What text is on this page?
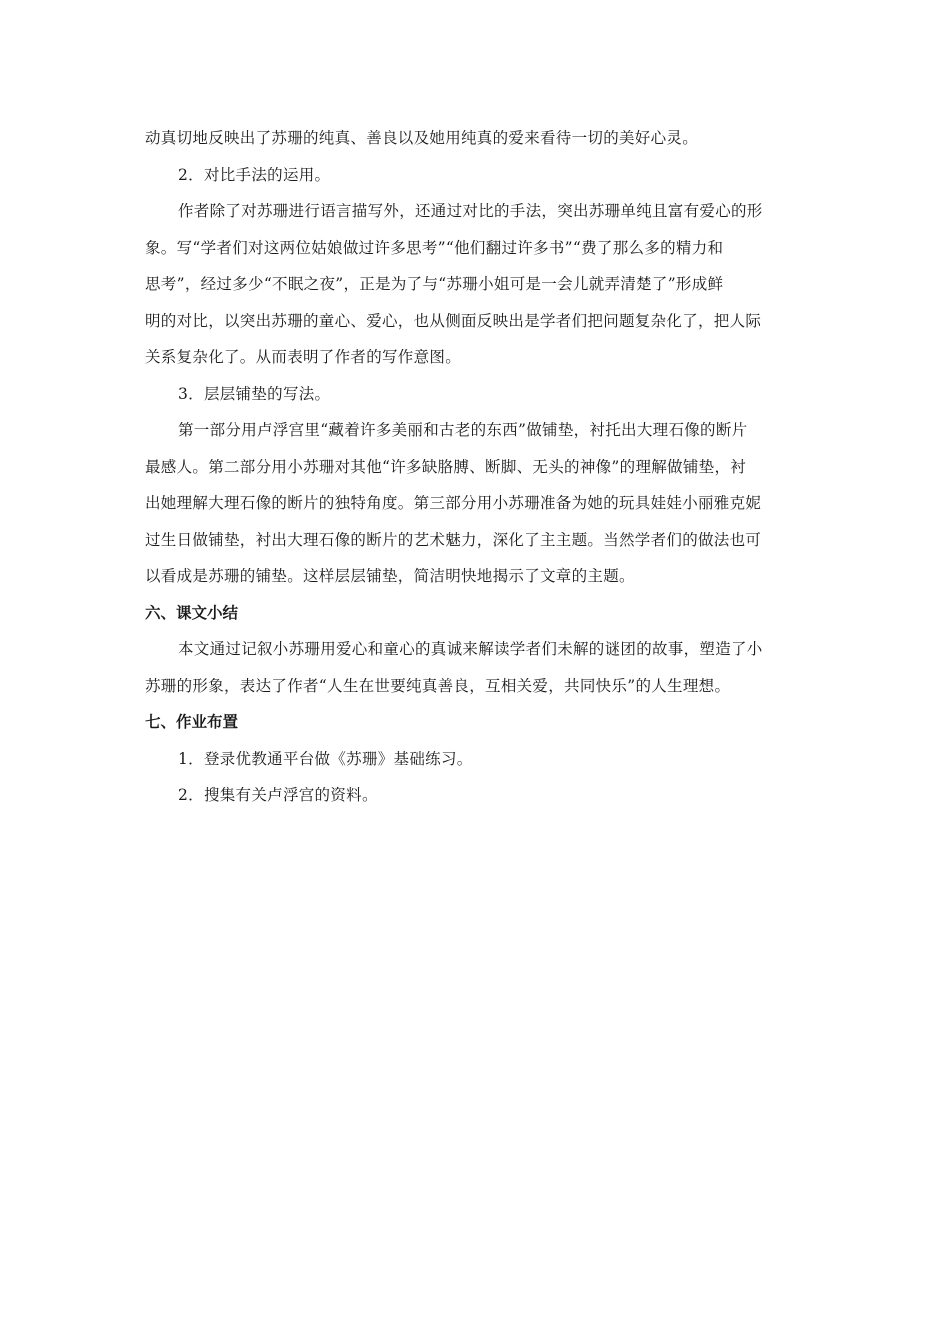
动真切地反映出了苏珊的纯真、善良以及她用纯真的爱来看待一切的美好心灵。
2．对比手法的运用。
作者除了对苏珊进行语言描写外，还通过对比的手法，突出苏珊单纯且富有爱心的形
象。写“学者们对这两位姑娘做过许多思考”“他们翻过许多书”“费了那么多的精力和
思考”，经过多少“不眠之夜”，正是为了与“苏珊小姐可是一会儿就弄清楚了”形成鲜
明的对比，以突出苏珊的童心、爱心，也从侧面反映出是学者们把问题复杂化了，把人际
关系复杂化了。从而表明了作者的写作意图。
3．层层铺垫的写法。
第一部分用卢浮宫里“藏着许多美丽和古老的东西”做铺垫，衬托出大理石像的断片
最感人。第二部分用小苏珊对其他“许多缺胳膊、断脚、无头的神像”的理解做铺垫，衬
出她理解大理石像的断片的独特角度。第三部分用小苏珊准备为她的玩具娃娃小丽雅克妮
过生日做铺垫，衬出大理石像的断片的艺术魅力，深化了主主题。当然学者们的做法也可
以看成是苏珊的铺垫。这样层层铺垫，简洁明快地揭示了文章的主题。
六、课文小结
本文通过记叙小苏珊用爱心和童心的真诚来解读学者们未解的谜团的故事，塑造了小
苏珊的形象，表达了作者“人生在世要纯真善良，互相关爱，共同快乐”的人生理想。
七、作业布置
1．登录优教通平台做《苏珊》基础练习。
2．搜集有关卢浮宫的资料。
